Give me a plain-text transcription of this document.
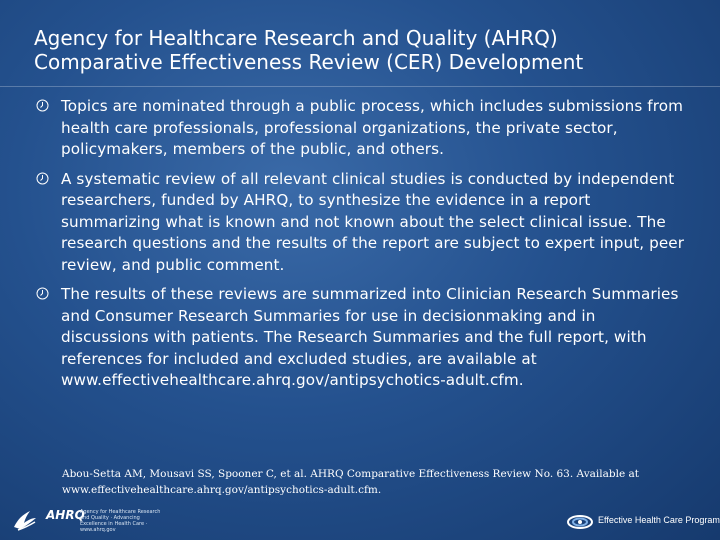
Agency for Healthcare Research and Quality (AHRQ)
Comparative Effectiveness Review (CER) Development
Topics are nominated through a public process, which includes submissions from health care professionals, professional organizations, the private sector, policymakers, members of the public, and others.
A systematic review of all relevant clinical studies is conducted by independent researchers, funded by AHRQ, to synthesize the evidence in a report summarizing what is known and not known about the select clinical issue. The research questions and the results of the report are subject to expert input, peer review, and public comment.
The results of these reviews are summarized into Clinician Research Summaries and Consumer Research Summaries for use in decisionmaking and in discussions with patients. The Research Summaries and the full report, with references for included and excluded studies, are available at www.effectivehealthcare.ahrq.gov/antipsychotics-adult.cfm.
Abou-Setta AM, Mousavi SS, Spooner C, et al. AHRQ Comparative Effectiveness Review No. 63. Available at
www.effectivehealthcare.ahrq.gov/antipsychotics-adult.cfm.
AHRQ
Agency for Healthcare Research and Quality · Advancing Excellence in Health Care · www.ahrq.gov
Effective Health Care Program
